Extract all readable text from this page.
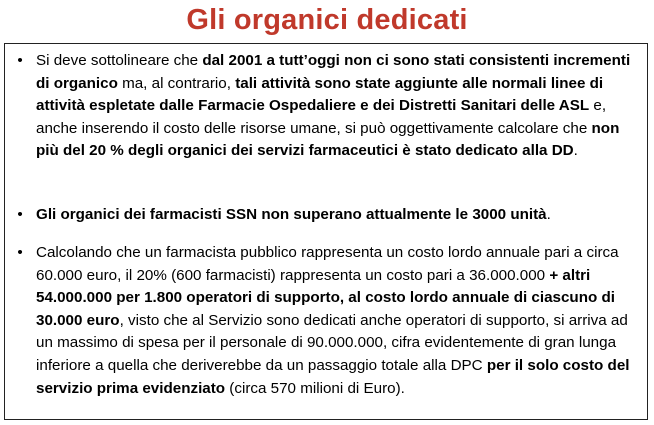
Gli organici dedicati
• Si deve sottolineare che dal 2001 a tutt’oggi non ci sono stati consistenti incrementi di organico ma, al contrario, tali attività sono state aggiunte alle normali linee di attività espletate dalle Farmacie Ospedaliere e dei Distretti Sanitari delle ASL e, anche inserendo il costo delle risorse umane, si può oggettivamente calcolare che non più del 20 % degli organici dei servizi farmaceutici è stato dedicato alla DD.
• Gli organici dei farmacisti SSN non superano attualmente le 3000 unità.
• Calcolando che un farmacista pubblico rappresenta un costo lordo annuale pari a circa 60.000 euro, il 20% (600 farmacisti) rappresenta un costo pari a 36.000.000 + altri 54.000.000 per 1.800 operatori di supporto, al costo lordo annuale di ciascuno di 30.000 euro, visto che al Servizio sono dedicati anche operatori di supporto, si arriva ad un massimo di spesa per il personale di 90.000.000, cifra evidentemente di gran lunga inferiore a quella che deriverebbe da un passaggio totale alla DPC per il solo costo del servizio prima evidenziato (circa 570 milioni di Euro).
